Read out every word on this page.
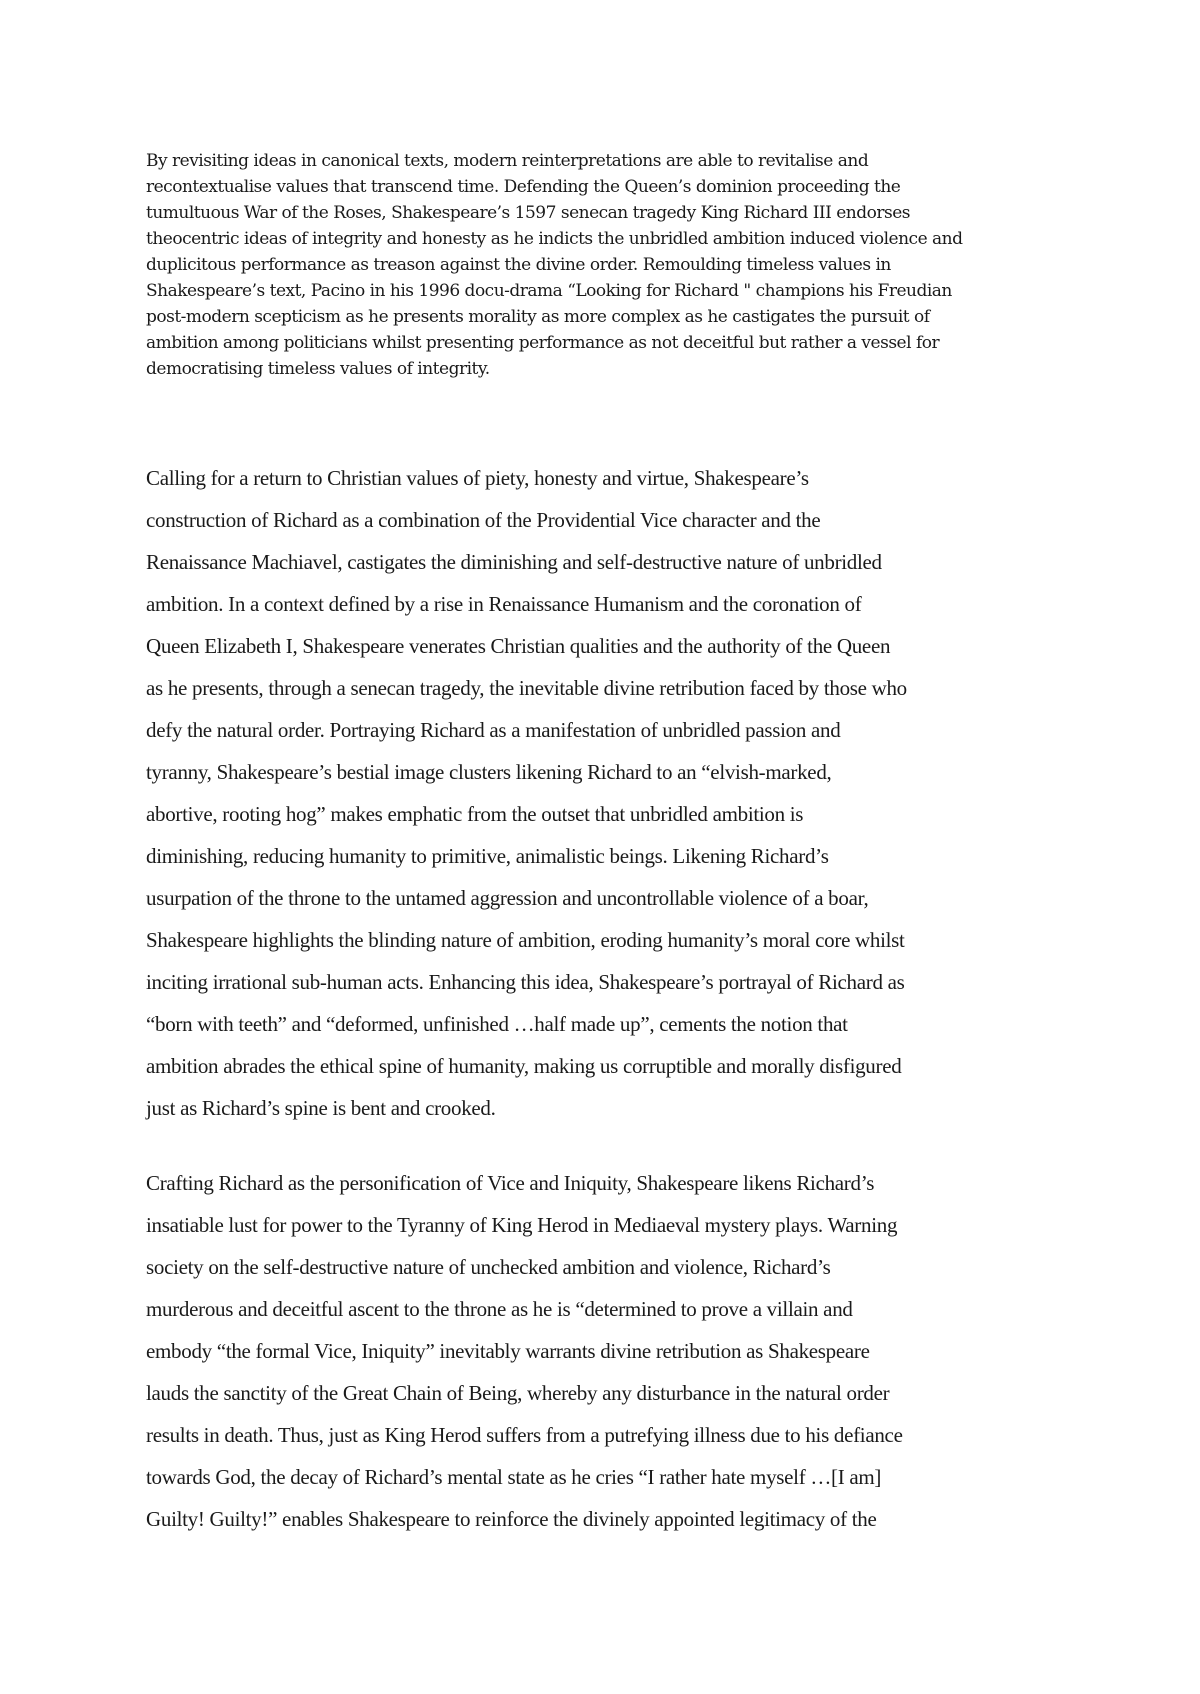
By revisiting ideas in canonical texts, modern reinterpretations are able to revitalise and
recontextualise values that transcend time. Defending the Queen’s dominion proceeding the
tumultuous War of the Roses, Shakespeare’s 1597 senecan tragedy King Richard III endorses
theocentric ideas of integrity and honesty as he indicts the unbridled ambition induced violence and
duplicitous performance as treason against the divine order. Remoulding timeless values in
Shakespeare’s text, Pacino in his 1996 docu-drama “Looking for Richard " champions his Freudian
post-modern scepticism as he presents morality as more complex as he castigates the pursuit of
ambition among politicians whilst presenting performance as not deceitful but rather a vessel for
democratising timeless values of integrity.

Calling for a return to Christian values of piety, honesty and virtue, Shakespeare’s
construction of Richard as a combination of the Providential Vice character and the
Renaissance Machiavel, castigates the diminishing and self-destructive nature of unbridled
ambition. In a context defined by a rise in Renaissance Humanism and the coronation of
Queen Elizabeth I, Shakespeare venerates Christian qualities and the authority of the Queen
as he presents, through a senecan tragedy, the inevitable divine retribution faced by those who
defy the natural order. Portraying Richard as a manifestation of unbridled passion and
tyranny, Shakespeare’s bestial image clusters likening Richard to an “elvish-marked,
abortive, rooting hog” makes emphatic from the outset that unbridled ambition is
diminishing, reducing humanity to primitive, animalistic beings. Likening Richard’s
usurpation of the throne to the untamed aggression and uncontrollable violence of a boar,
Shakespeare highlights the blinding nature of ambition, eroding humanity’s moral core whilst
inciting irrational sub-human acts. Enhancing this idea, Shakespeare’s portrayal of Richard as
“born with teeth” and “deformed, unfinished …half made up”, cements the notion that
ambition abrades the ethical spine of humanity, making us corruptible and morally disfigured
just as Richard’s spine is bent and crooked.

Crafting Richard as the personification of Vice and Iniquity, Shakespeare likens Richard’s
insatiable lust for power to the Tyranny of King Herod in Mediaeval mystery plays. Warning
society on the self-destructive nature of unchecked ambition and violence, Richard’s
murderous and deceitful ascent to the throne as he is “determined to prove a villain and
embody “the formal Vice, Iniquity” inevitably warrants divine retribution as Shakespeare
lauds the sanctity of the Great Chain of Being, whereby any disturbance in the natural order
results in death. Thus, just as King Herod suffers from a putrefying illness due to his defiance
towards God, the decay of Richard’s mental state as he cries “I rather hate myself …[I am]
Guilty! Guilty!” enables Shakespeare to reinforce the divinely appointed legitimacy of the
